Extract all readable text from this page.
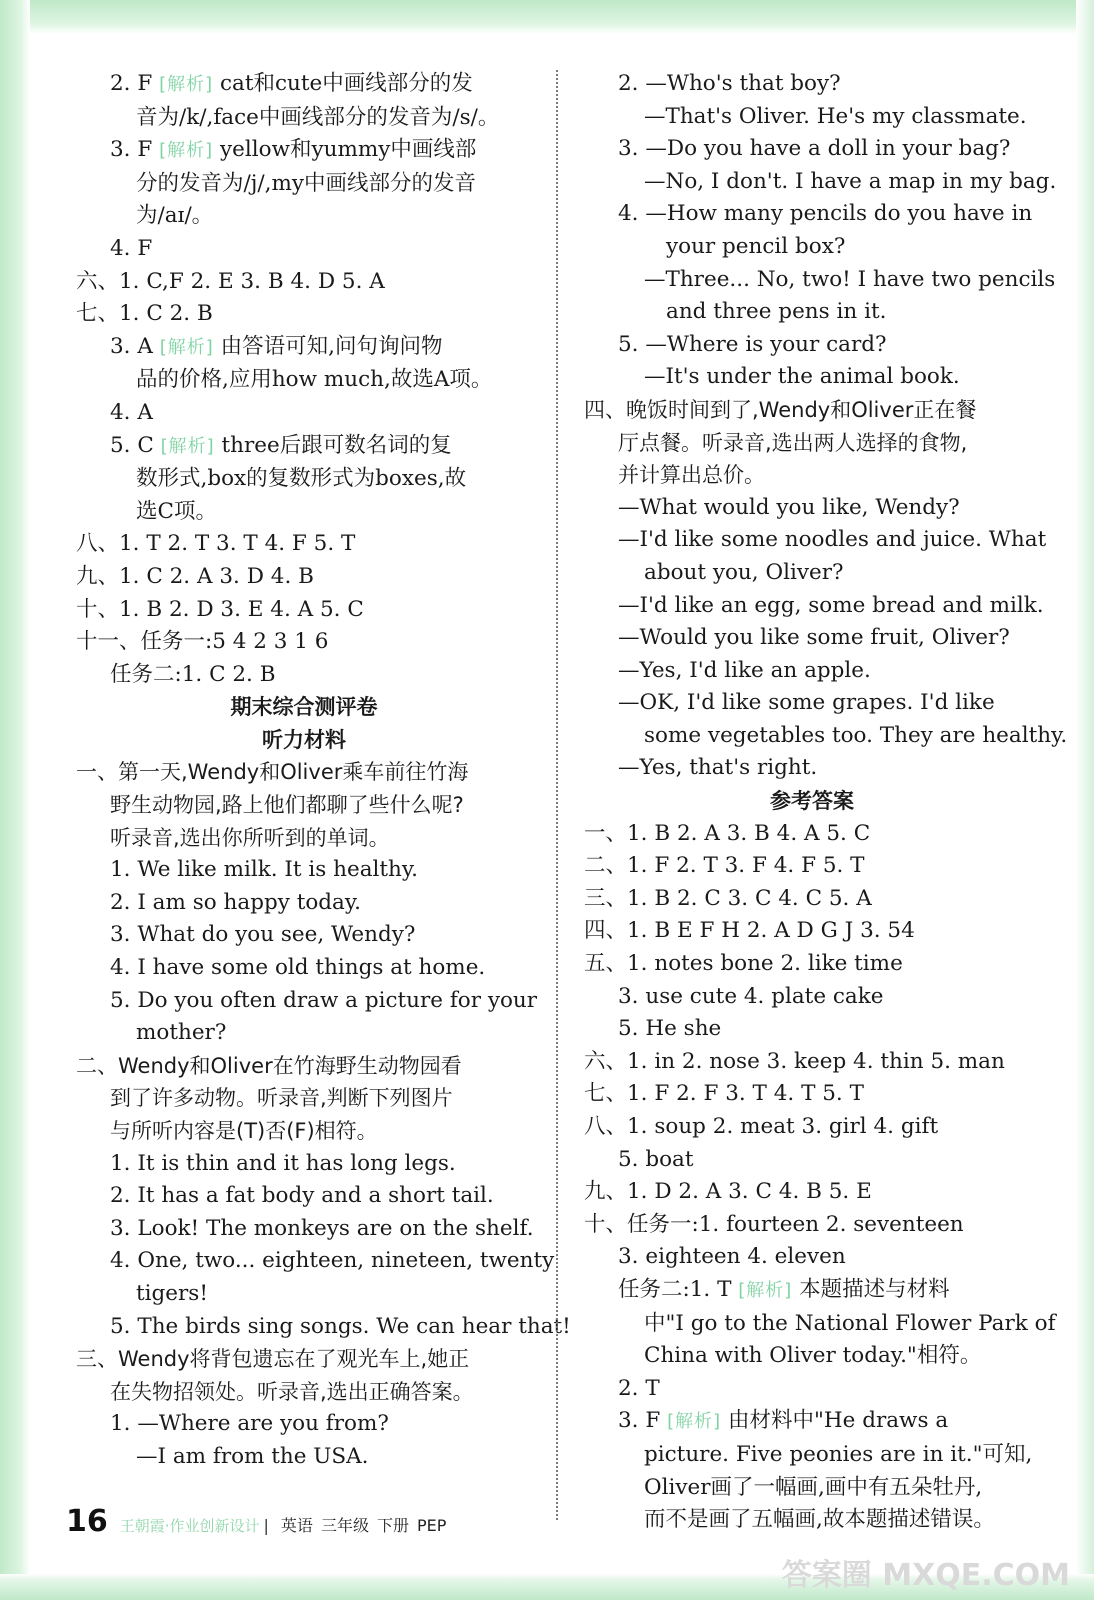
2. F [解析] cat和cute中画线部分的发
音为/k/,face中画线部分的发音为/s/。
3. F [解析] yellow和yummy中画线部
分的发音为/j/,my中画线部分的发音
为/aɪ/。
4. F
六、1. C,F 2. E 3. B 4. D 5. A
七、1. C 2. B
3. A [解析] 由答语可知,问句询问物
品的价格,应用how much,故选A项。
4. A
5. C [解析] three后跟可数名词的复
数形式,box的复数形式为boxes,故
选C项。
八、1. T 2. T 3. T 4. F 5. T
九、1. C 2. A 3. D 4. B
十、1. B 2. D 3. E 4. A 5. C
十一、任务一:5 4 2 3 1 6
任务二:1. C 2. B
期末综合测评卷
听力材料
一、第一天,Wendy和Oliver乘车前往竹海
野生动物园,路上他们都聊了些什么呢?
听录音,选出你所听到的单词。
1. We like milk. It is healthy.
2. I am so happy today.
3. What do you see, Wendy?
4. I have some old things at home.
5. Do you often draw a picture for your
mother?
二、Wendy和Oliver在竹海野生动物园看
到了许多动物。听录音,判断下列图片
与所听内容是(T)否(F)相符。
1. It is thin and it has long legs.
2. It has a fat body and a short tail.
3. Look! The monkeys are on the shelf.
4. One, two... eighteen, nineteen, twenty
tigers!
5. The birds sing songs. We can hear that!
三、Wendy将背包遗忘在了观光车上,她正
在失物招领处。听录音,选出正确答案。
1. —Where are you from?
—I am from the USA.
2. —Who's that boy?
—That's Oliver. He's my classmate.
3. —Do you have a doll in your bag?
—No, I don't. I have a map in my bag.
4. —How many pencils do you have in
your pencil box?
—Three... No, two! I have two pencils
and three pens in it.
5. —Where is your card?
—It's under the animal book.
四、晚饭时间到了,Wendy和Oliver正在餐
厅点餐。听录音,选出两人选择的食物,
并计算出总价。
—What would you like, Wendy?
—I'd like some noodles and juice. What
about you, Oliver?
—I'd like an egg, some bread and milk.
—Would you like some fruit, Oliver?
—Yes, I'd like an apple.
—OK, I'd like some grapes. I'd like
some vegetables too. They are healthy.
—Yes, that's right.
参考答案
一、1. B 2. A 3. B 4. A 5. C
二、1. F 2. T 3. F 4. F 5. T
三、1. B 2. C 3. C 4. C 5. A
四、1. B E F H 2. A D G J 3. 54
五、1. notes bone 2. like time
3. use cute 4. plate cake
5. He she
六、1. in 2. nose 3. keep 4. thin 5. man
七、1. F 2. F 3. T 4. T 5. T
八、1. soup 2. meat 3. girl 4. gift
5. boat
九、1. D 2. A 3. C 4. B 5. E
十、任务一:1. fourteen 2. seventeen
3. eighteen 4. eleven
任务二:1. T [解析] 本题描述与材料
中"I go to the National Flower Park of
China with Oliver today."相符。
2. T
3. F [解析] 由材料中"He draws a
picture. Five peonies are in it."可知,
Oliver画了一幅画,画中有五朵牡丹,
而不是画了五幅画,故本题描述错误。
16 王朝霞·作业创新设计 | 英语 三年级 下册 PEP
答案圈 MXQE.COM
